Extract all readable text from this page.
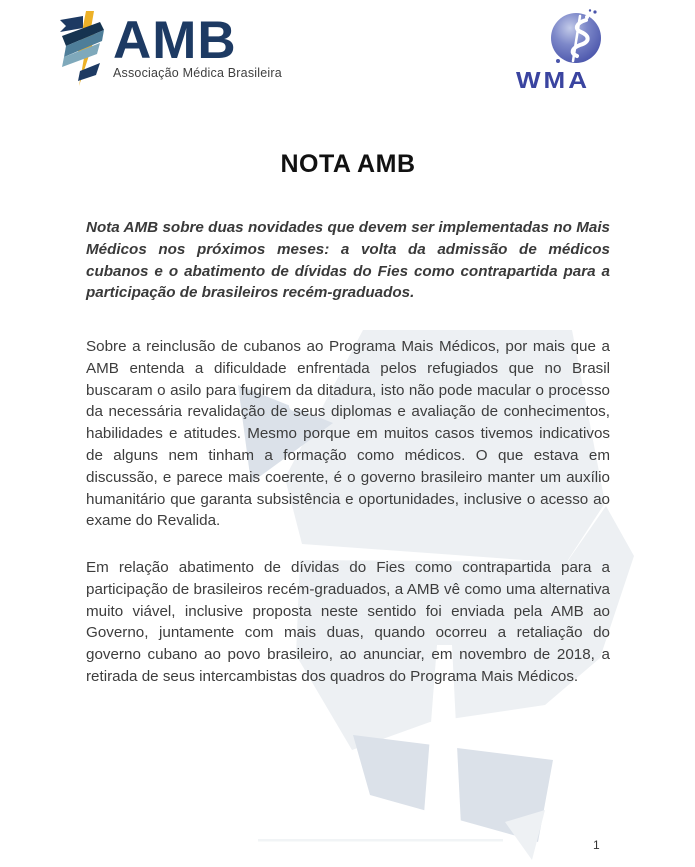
AMB
Associação Médica Brasileira	WMA
NOTA AMB

Nota AMB sobre duas novidades que devem ser implementadas no Mais Médicos nos próximos meses: a volta da admissão de médicos cubanos e o abatimento de dívidas do Fies como contrapartida para a participação de brasileiros recém-graduados.

Sobre a reinclusão de cubanos ao Programa Mais Médicos, por mais que a AMB entenda a dificuldade enfrentada pelos refugiados que no Brasil buscaram o asilo para fugirem da ditadura, isto não pode macular o processo da necessária revalidação de seus diplomas e avaliação de conhecimentos, habilidades e atitudes. Mesmo porque em muitos casos tivemos indicativos de alguns nem tinham a formação como médicos. O que estava em discussão, e parece mais coerente, é o governo brasileiro manter um auxílio humanitário que garanta subsistência e oportunidades, inclusive o acesso ao exame do Revalida.

Em relação abatimento de dívidas do Fies como contrapartida para a participação de brasileiros recém-graduados, a AMB vê como uma alternativa muito viável, inclusive proposta neste sentido foi enviada pela AMB ao Governo, juntamente com mais duas, quando ocorreu a retaliação do governo cubano ao povo brasileiro, ao anunciar, em novembro de 2018, a retirada de seus intercambistas dos quadros do Programa Mais Médicos.

1
